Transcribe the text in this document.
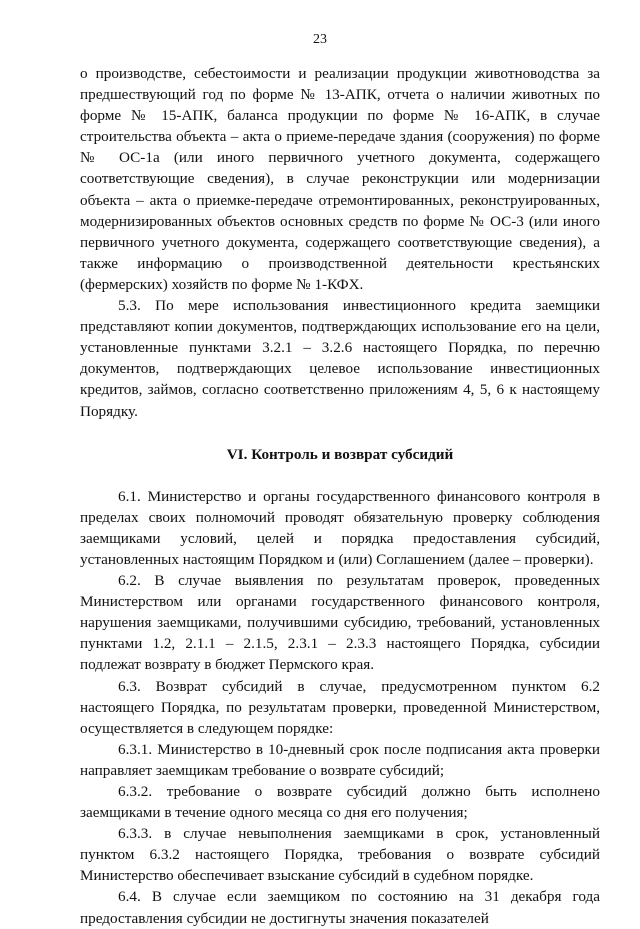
23

о производстве, себестоимости и реализации продукции животноводства за предшествующий год по форме № 13-АПК, отчета о наличии животных по форме № 15-АПК, баланса продукции по форме № 16-АПК, в случае строительства объекта – акта о приеме-передаче здания (сооружения) по форме № ОС-1а (или иного первичного учетного документа, содержащего соответствующие сведения), в случае реконструкции или модернизации объекта – акта о приемке-передаче отремонтированных, реконструированных, модернизированных объектов основных средств по форме № ОС-3 (или иного первичного учетного документа, содержащего соответствующие сведения), а также информацию о производственной деятельности крестьянских (фермерских) хозяйств по форме № 1-КФХ.

5.3. По мере использования инвестиционного кредита заемщики представляют копии документов, подтверждающих использование его на цели, установленные пунктами 3.2.1 – 3.2.6 настоящего Порядка, по перечню документов, подтверждающих целевое использование инвестиционных кредитов, займов, согласно соответственно приложениям 4, 5, 6 к настоящему Порядку.

VI. Контроль и возврат субсидий

6.1. Министерство и органы государственного финансового контроля в пределах своих полномочий проводят обязательную проверку соблюдения заемщиками условий, целей и порядка предоставления субсидий, установленных настоящим Порядком и (или) Соглашением (далее – проверки).

6.2. В случае выявления по результатам проверок, проведенных Министерством или органами государственного финансового контроля, нарушения заемщиками, получившими субсидию, требований, установленных пунктами 1.2, 2.1.1 – 2.1.5, 2.3.1 – 2.3.3 настоящего Порядка, субсидии подлежат возврату в бюджет Пермского края.

6.3. Возврат субсидий в случае, предусмотренном пунктом 6.2 настоящего Порядка, по результатам проверки, проведенной Министерством, осуществляется в следующем порядке:

6.3.1. Министерство в 10-дневный срок после подписания акта проверки направляет заемщикам требование о возврате субсидий;

6.3.2. требование о возврате субсидий должно быть исполнено заемщиками в течение одного месяца со дня его получения;

6.3.3. в случае невыполнения заемщиками в срок, установленный пунктом 6.3.2 настоящего Порядка, требования о возврате субсидий Министерство обеспечивает взыскание субсидий в судебном порядке.

6.4. В случае если заемщиком по состоянию на 31 декабря года предоставления субсидии не достигнуты значения показателей
